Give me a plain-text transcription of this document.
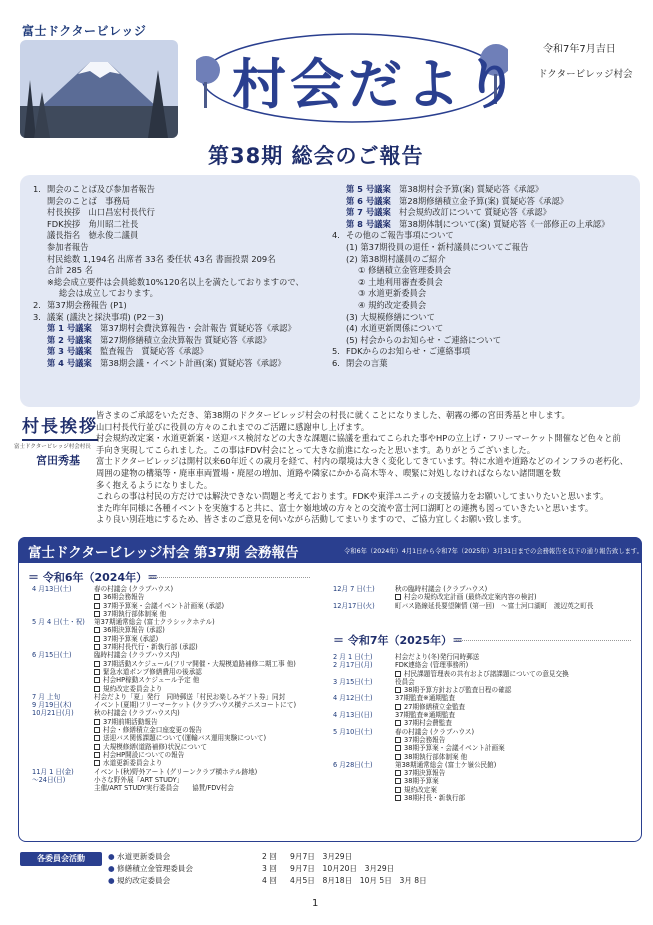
富士ドクタービレッジ
村会だより
令和7年7月吉日
ドクタービレッジ村会
第38期 総会のご報告
1. 開会のことば及び参加者報告
開会のことば　事務局
村長挨拶　山口昌宏村長代行
FDK挨拶　角川昭二社長
議長指名　徳永俊二議員
参加者報告
村民総数 1,194名 出席者 33名 委任状 43名 書面投票 209名
合計 285 名
※総会成立要件は会員総数10%120名以上を満たしておりますので、
総会は成立しております。
2. 第37期会務報告 (P1)
3. 議案 (議決と採決事項) (P2－3)
第 1 号議案　第37期村会費決算報告・会計報告 質疑応答《承認》
第 2 号議案　第27期修繕積立金決算報告 質疑応答《承認》
第 3 号議案　監査報告　質疑応答《承認》
第 4 号議案　第38期会議・イベント計画(案) 質疑応答《承認》
第 5 号議案　第38期村会予算(案) 質疑応答《承認》
第 6 号議案　第28期修繕積立金予算(案) 質疑応答《承認》
第 7 号議案　村会規約改訂について 質疑応答《承認》
第 8 号議案　第38期体制について(案) 質疑応答《一部修正の上承認》
4. その他のご報告事項について
(1) 第37期役員の退任・新村議員についてご報告
(2) 第38期村議員のご紹介
① 修繕積立金管理委員会
② 土地利用審査委員会
③ 水道更新委員会
④ 規約改定委員会
(3) 大規模修繕について
(4) 水道更新関係について
(5) 村会からのお知らせ・ご連絡について
5. FDKからのお知らせ・ご連絡事項
6. 閉会の言葉
村長挨拶
富士ドクタービレッジ村会村長
宮田秀基
皆さまのご承認をいただき、第38期のドクタービレッジ村会の村長に就くことになりました、朝霧の郷の宮田秀基と申します。
山口村長代行並びに役員の方々のこれまでのご活躍に感謝申し上げます。
村会規約改定案・水道更新案・送迎バス検討などの大きな課題に協議を重ねてこられた事やHPの立上げ・フリーマーケット開催など色々と前
手向き実現してこられました。この事はFDV村会にとって大きな前進になったと思います。ありがとうございました。
富士ドクタービレッジは開村以来60年近くの歳月を経て、村内の環境は大きく変化してきています。特に水道や道路などのインフラの老朽化、
周囲の建物の構築等・廃車車両置場・廃屋の増加、道路や隣家にかかる高木等々、喫緊に対処しなければならない諸問題を数
多く抱えるようになりました。
これらの事は村民の方だけでは解決できない問題と考えております。FDKや東洋ユニティの支援協力をお願いしてまいりたいと思います。
また昨年同様に各種イベントを実施すると共に、富士ケ嶺地域の方々との交流や富士河口湖町との連携も図っていきたいと思います。
より良い別荘地にするため、皆さまのご意見を伺いながら活動してまいりますので、ご協力宜しくお願い致します。
富士ドクタービレッジ村会 第37期 会務報告	令和6年（2024年）4月1日から令和7年（2025年）3月31日までの会務報告を以下の通り報告致します。
＝ 令和6年（2024年）＝
＝ 令和7年（2025年）＝
4 月13日(土)	春の村議会 (クラブハウス)
36期会務報告
37期予算案・会議イベント計画案 (承認)
37期執行部体制案 他
5 月 4 日(土・祝) 第37期通常総会 (富士クラシックホテル)
36期決算報告 (承認)
37期予算案 (承認)
37期村長代行・新執行部 (承認)
6 月15日(土)	臨時村議会 (クラブハウス内)
37期活動スケジュール(フリマ開催・大規模道路補修二期工事 他)
緊急水道ポンプ修繕費用の後承認
村会HP稼動スケジュール予定 他
規約改定委員会より
7 月 上旬	村会だより「夏」発行　同時郵送「村民お楽しみギフト券」同封
9 月19日(木)	イベント(夏期)フリーマーケット (クラブハウス横テニスコートにて)
10月21日(月)	秋の村議会 (クラブハウス内)
37期前期活動報告
村会・修繕積立金口座変更の報告
送迎バス関係課題について(運輸バス運用実験について)
大規模修繕(道路補修)状況について
村会HP開設についての報告
水道更新委員会より
11月 1 日(金)	イベント(秋)野外アート (グリーンクラブ横ホテル跡地)
～24日(日)	小さな野外展「ART STUDY」
主催/ART STUDY実行委員会　　協賛/FDV村会
12月 7 日(土)	秋の臨時村議会 (クラブハウス)
村会の規約改定計画 (最終改定案内容の検討)
12月17日(火)	町バス路線延長要望陳情 (第一回)　～富士河口湖町　渡辺英之町長
2 月 1 日(土)	村会だより(冬)発行同時郵送
2 月17日(月)	FDK連絡会 (管理事務所)
村民課題管理表の共有および諸課題についての意見交換
3 月15日(土)	役員会
38期予算方針および監査日程の確認
4 月12日(土)	37期監査※通期監査
27期修繕積立金監査
4 月13日(日)	37期監査※通期監査
37期村会費監査
5 月10日(土)	春の村議会 (クラブハウス)
37期会務報告
38期予算案・会議イベント計画案
38期執行部体制案 他
6 月28日(土)	第38期通常総会 (富士ケ嶺公民館)
37期決算報告
38期予算案
規約改定案
38期村長・新執行部
各委員会活動	● 水道更新委員会	2 回 9月7日　3月29日
● 修繕積立金管理委員会	3 回 9月7日　10月20日　3月29日
● 規約改定委員会	4 回 4月5日　8月18日　10月 5日　3月 8日
1
